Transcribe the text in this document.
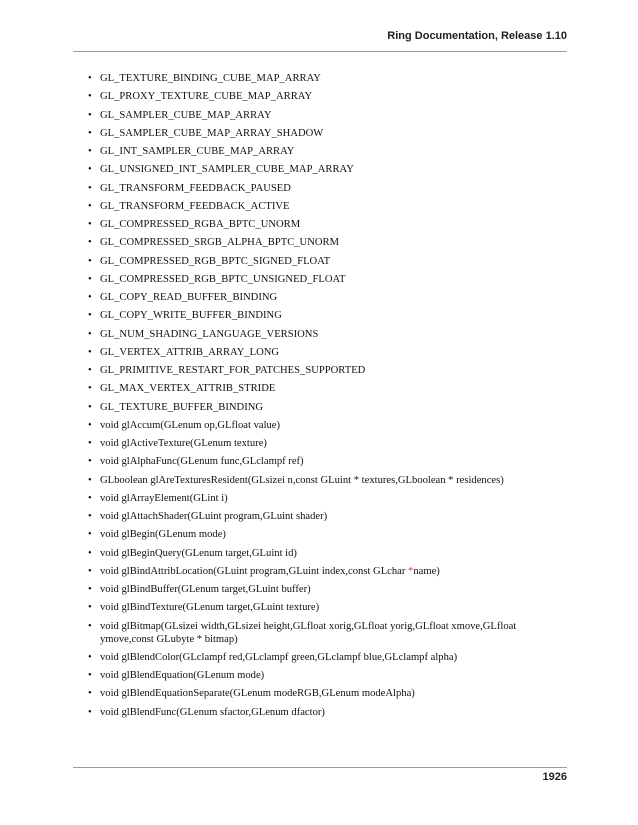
Ring Documentation, Release 1.10
• GL_TEXTURE_BINDING_CUBE_MAP_ARRAY
• GL_PROXY_TEXTURE_CUBE_MAP_ARRAY
• GL_SAMPLER_CUBE_MAP_ARRAY
• GL_SAMPLER_CUBE_MAP_ARRAY_SHADOW
• GL_INT_SAMPLER_CUBE_MAP_ARRAY
• GL_UNSIGNED_INT_SAMPLER_CUBE_MAP_ARRAY
• GL_TRANSFORM_FEEDBACK_PAUSED
• GL_TRANSFORM_FEEDBACK_ACTIVE
• GL_COMPRESSED_RGBA_BPTC_UNORM
• GL_COMPRESSED_SRGB_ALPHA_BPTC_UNORM
• GL_COMPRESSED_RGB_BPTC_SIGNED_FLOAT
• GL_COMPRESSED_RGB_BPTC_UNSIGNED_FLOAT
• GL_COPY_READ_BUFFER_BINDING
• GL_COPY_WRITE_BUFFER_BINDING
• GL_NUM_SHADING_LANGUAGE_VERSIONS
• GL_VERTEX_ATTRIB_ARRAY_LONG
• GL_PRIMITIVE_RESTART_FOR_PATCHES_SUPPORTED
• GL_MAX_VERTEX_ATTRIB_STRIDE
• GL_TEXTURE_BUFFER_BINDING
• void glAccum(GLenum op,GLfloat value)
• void glActiveTexture(GLenum texture)
• void glAlphaFunc(GLenum func,GLclampf ref)
• GLboolean glAreTexturesResident(GLsizei n,const GLuint * textures,GLboolean * residences)
• void glArrayElement(GLint i)
• void glAttachShader(GLuint program,GLuint shader)
• void glBegin(GLenum mode)
• void glBeginQuery(GLenum target,GLuint id)
• void glBindAttribLocation(GLuint program,GLuint index,const GLchar *name)
• void glBindBuffer(GLenum target,GLuint buffer)
• void glBindTexture(GLenum target,GLuint texture)
• void glBitmap(GLsizei width,GLsizei height,GLfloat xorig,GLfloat yorig,GLfloat xmove,GLfloat ymove,const GLubyte * bitmap)
• void glBlendColor(GLclampf red,GLclampf green,GLclampf blue,GLclampf alpha)
• void glBlendEquation(GLenum mode)
• void glBlendEquationSeparate(GLenum modeRGB,GLenum modeAlpha)
• void glBlendFunc(GLenum sfactor,GLenum dfactor)
1926
